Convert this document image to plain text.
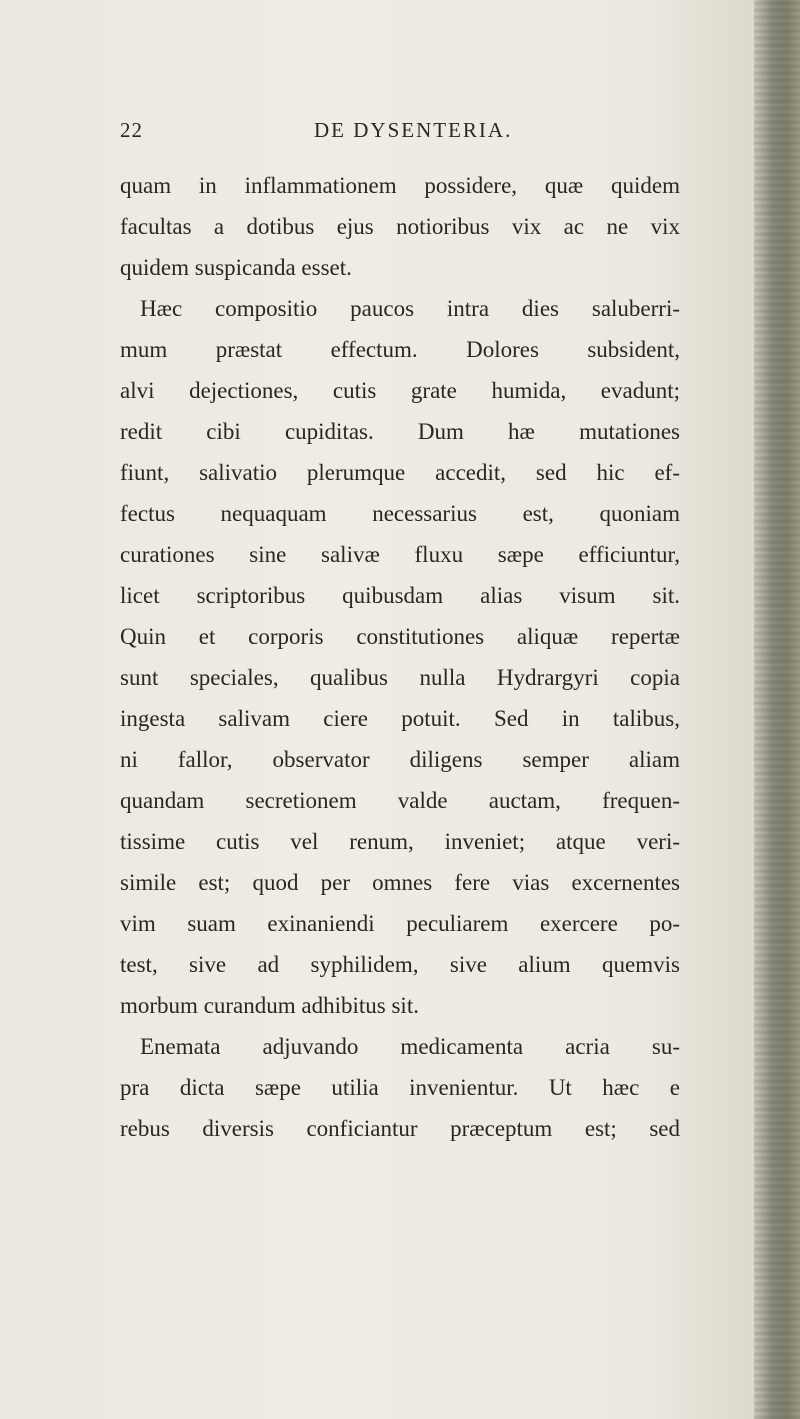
22	DE DYSENTERIA.
quam in inflammationem possidere, quæ quidem
facultas a dotibus ejus notioribus vix ac ne vix
quidem suspicanda esset.
Hæc compositio paucos intra dies saluberri-
mum præstat effectum. Dolores subsident,
alvi dejectiones, cutis grate humida, evadunt;
redit cibi cupiditas. Dum hæ mutationes
fiunt, salivatio plerumque accedit, sed hic ef-
fectus nequaquam necessarius est, quoniam
curationes sine salivæ fluxu sæpe efficiuntur,
licet scriptoribus quibusdam alias visum sit.
Quin et corporis constitutiones aliquæ repertæ
sunt speciales, qualibus nulla Hydrargyri copia
ingesta salivam ciere potuit. Sed in talibus,
ni fallor, observator diligens semper aliam
quandam secretionem valde auctam, frequen-
tissime cutis vel renum, inveniet; atque veri-
simile est; quod per omnes fere vias excernentes
vim suam exinaniendi peculiarem exercere po-
test, sive ad syphilidem, sive alium quemvis
morbum curandum adhibitus sit.
Enemata adjuvando medicamenta acria su-
pra dicta sæpe utilia invenientur. Ut hæc e
rebus diversis conficiantur præceptum est; sed
